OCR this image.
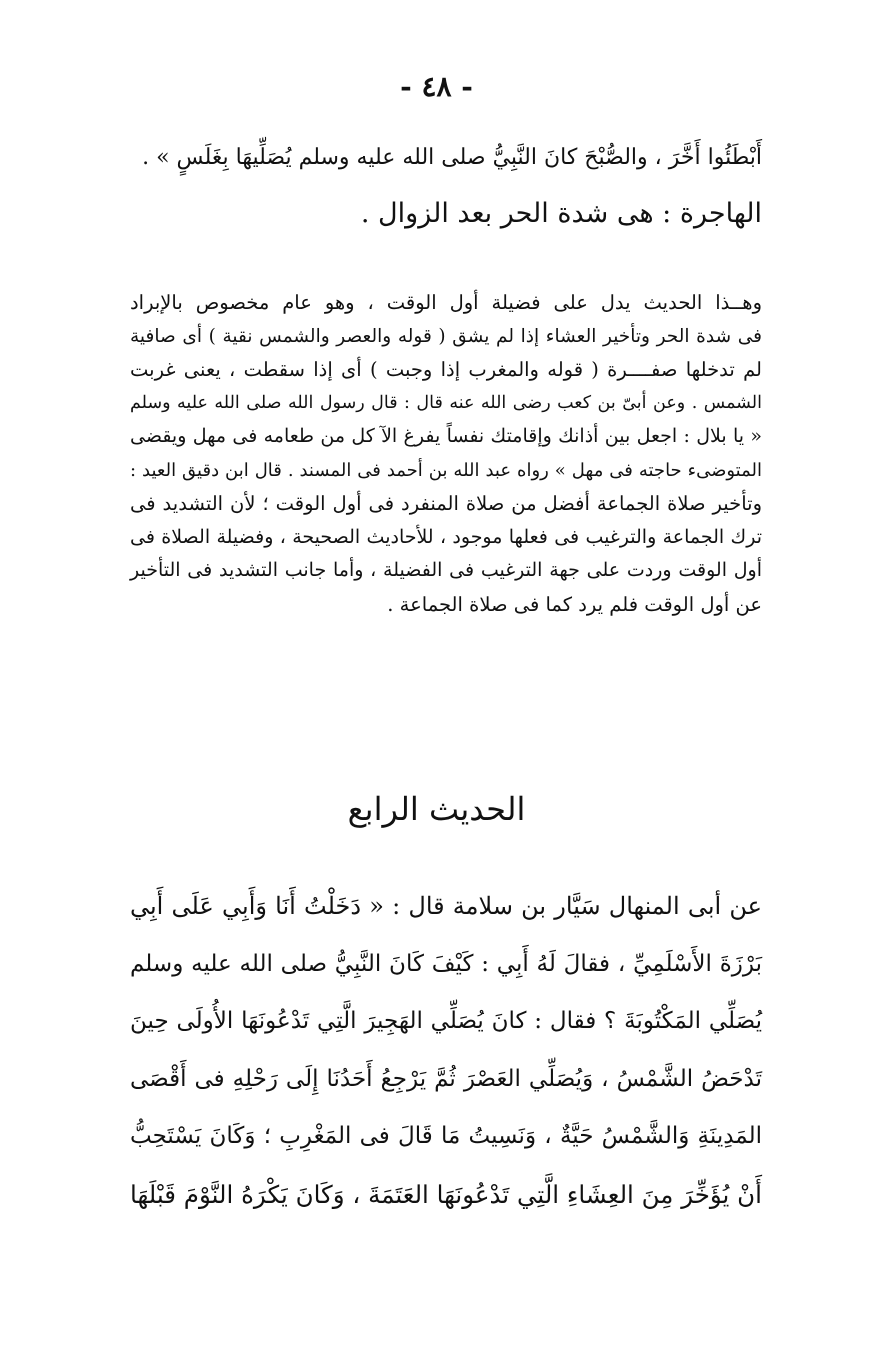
- ٤٨ -

أَبْطَئُوا أَخَّرَ ، والصُّبْحَ كانَ النَّبِيُّ صلى الله عليه وسلم يُصَلِّيهَا بِغَلَسٍ » .

الهاجرة : هى شدة الحر بعد الزوال .

وهــذا الحديث يدل على فضيلة أول الوقت ، وهو عام مخصوص بالإبراد

فى شدة الحر وتأخير العشاء إذا لم يشق ( قوله والعصر والشمس نقية ) أى صافية

لم تدخلها صفــــرة ( قوله والمغرب إذا وجبت ) أى إذا سقطت ، يعنى غربت

الشمس . وعن أبىّ بن كعب رضى الله عنه قال : قال رسول الله صلى الله عليه وسلم

« يا بلال : اجعل بين أذانك وإقامتك نفساً يفرغ الآ كل من طعامه فى مهل ويقضى

المتوضىء حاجته فى مهل » رواه عبد الله بن أحمد فى المسند . قال ابن دقيق العيد :

وتأخير صلاة الجماعة أفضل من صلاة المنفرد فى أول الوقت ؛ لأن التشديد فى

ترك الجماعة والترغيب فى فعلها موجود ، للأحاديث الصحيحة ، وفضيلة الصلاة فى

أول الوقت وردت على جهة الترغيب فى الفضيلة ، وأما جانب التشديد فى التأخير

عن أول الوقت فلم يرد كما فى صلاة الجماعة .

الحديث الرابع

عن أبى المنهال سَيَّار بن سلامة قال : « دَخَلْتُ أَنَا وَأَبِي عَلَى أَبِي

بَرْزَةَ الأَسْلَمِيِّ ، فقالَ لَهُ أَبِي : كَيْفَ كَانَ النَّبِيُّ صلى الله عليه وسلم

يُصَلِّي المَكْتُوبَةَ ؟ فقال : كانَ يُصَلِّي الهَجِيرَ الَّتِي تَدْعُونَهَا الأُولَى حِينَ

تَدْحَضُ الشَّمْسُ ، وَيُصَلِّي العَصْرَ ثُمَّ يَرْجِعُ أَحَدُنَا إِلَى رَحْلِهِ فى أَقْصَى

المَدِينَةِ وَالشَّمْسُ حَيَّةٌ ، وَنَسِيتُ مَا قَالَ فى المَغْرِبِ ؛ وَكَانَ يَسْتَحِبُّ

أَنْ يُؤَخِّرَ مِنَ العِشَاءِ الَّتِي تَدْعُونَهَا العَتَمَةَ ، وَكَانَ يَكْرَهُ النَّوْمَ قَبْلَهَا
